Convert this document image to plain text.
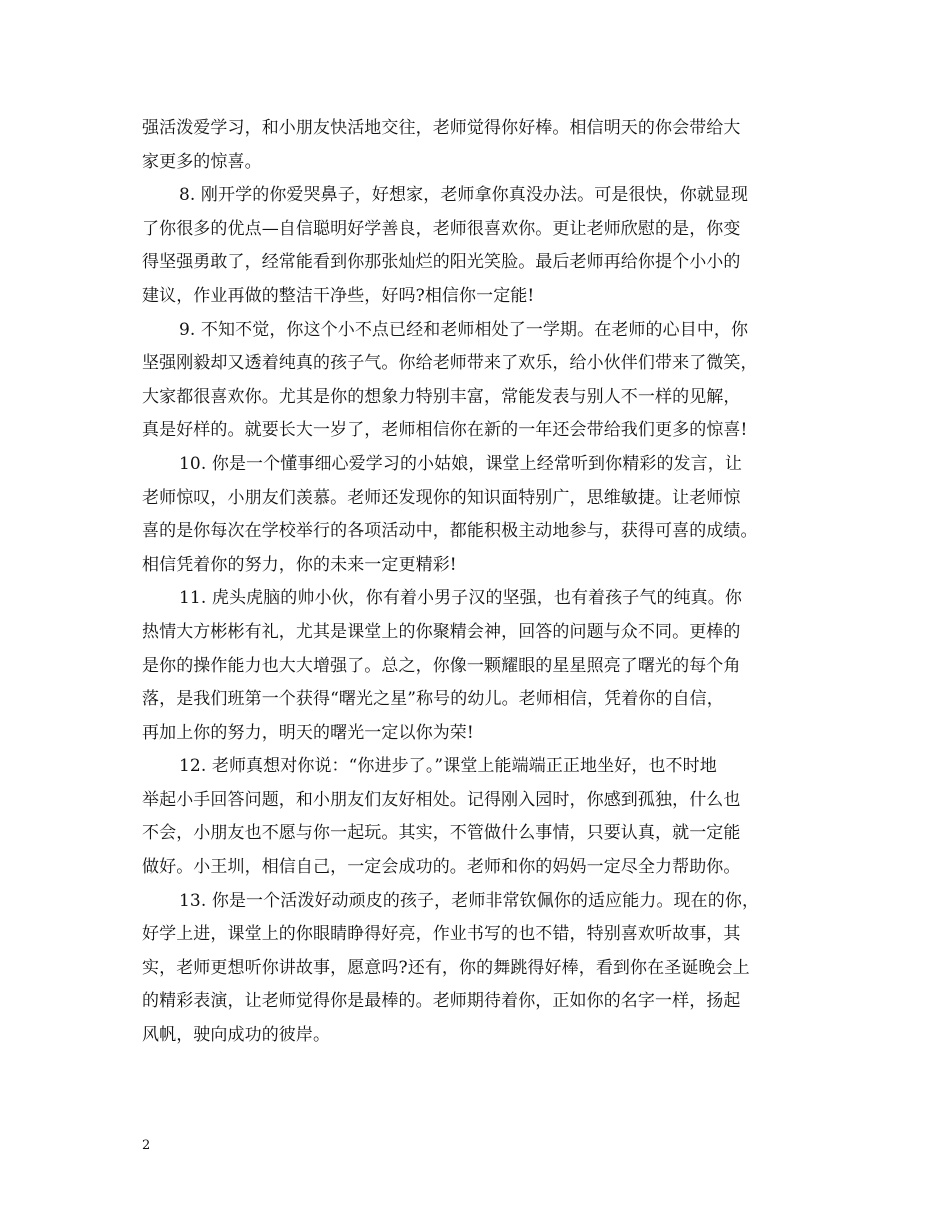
强活泼爱学习，和小朋友快活地交往，老师觉得你好棒。相信明天的你会带给大
家更多的惊喜。
8. 刚开学的你爱哭鼻子，好想家，老师拿你真没办法。可是很快，你就显现
了你很多的优点—自信聪明好学善良，老师很喜欢你。更让老师欣慰的是，你变
得坚强勇敢了，经常能看到你那张灿烂的阳光笑脸。最后老师再给你提个小小的
建议，作业再做的整洁干净些，好吗?相信你一定能!
9. 不知不觉，你这个小不点已经和老师相处了一学期。在老师的心目中，你
坚强刚毅却又透着纯真的孩子气。你给老师带来了欢乐，给小伙伴们带来了微笑，
大家都很喜欢你。尤其是你的想象力特别丰富，常能发表与别人不一样的见解，
真是好样的。就要长大一岁了，老师相信你在新的一年还会带给我们更多的惊喜!
10. 你是一个懂事细心爱学习的小姑娘，课堂上经常听到你精彩的发言，让
老师惊叹，小朋友们羡慕。老师还发现你的知识面特别广，思维敏捷。让老师惊
喜的是你每次在学校举行的各项活动中，都能积极主动地参与，获得可喜的成绩。
相信凭着你的努力，你的未来一定更精彩!
11. 虎头虎脑的帅小伙，你有着小男子汉的坚强，也有着孩子气的纯真。你
热情大方彬彬有礼，尤其是课堂上的你聚精会神，回答的问题与众不同。更棒的
是你的操作能力也大大增强了。总之，你像一颗耀眼的星星照亮了曙光的每个角
落，是我们班第一个获得“曙光之星”称号的幼儿。老师相信，凭着你的自信，
再加上你的努力，明天的曙光一定以你为荣!
12. 老师真想对你说：“你进步了。”课堂上能端端正正地坐好，也不时地
举起小手回答问题，和小朋友们友好相处。记得刚入园时，你感到孤独，什么也
不会，小朋友也不愿与你一起玩。其实，不管做什么事情，只要认真，就一定能
做好。小王圳，相信自己，一定会成功的。老师和你的妈妈一定尽全力帮助你。
13. 你是一个活泼好动顽皮的孩子，老师非常钦佩你的适应能力。现在的你，
好学上进，课堂上的你眼睛睁得好亮，作业书写的也不错，特别喜欢听故事，其
实，老师更想听你讲故事，愿意吗?还有，你的舞跳得好棒，看到你在圣诞晚会上
的精彩表演，让老师觉得你是最棒的。老师期待着你，正如你的名字一样，扬起
风帆，驶向成功的彼岸。
2
